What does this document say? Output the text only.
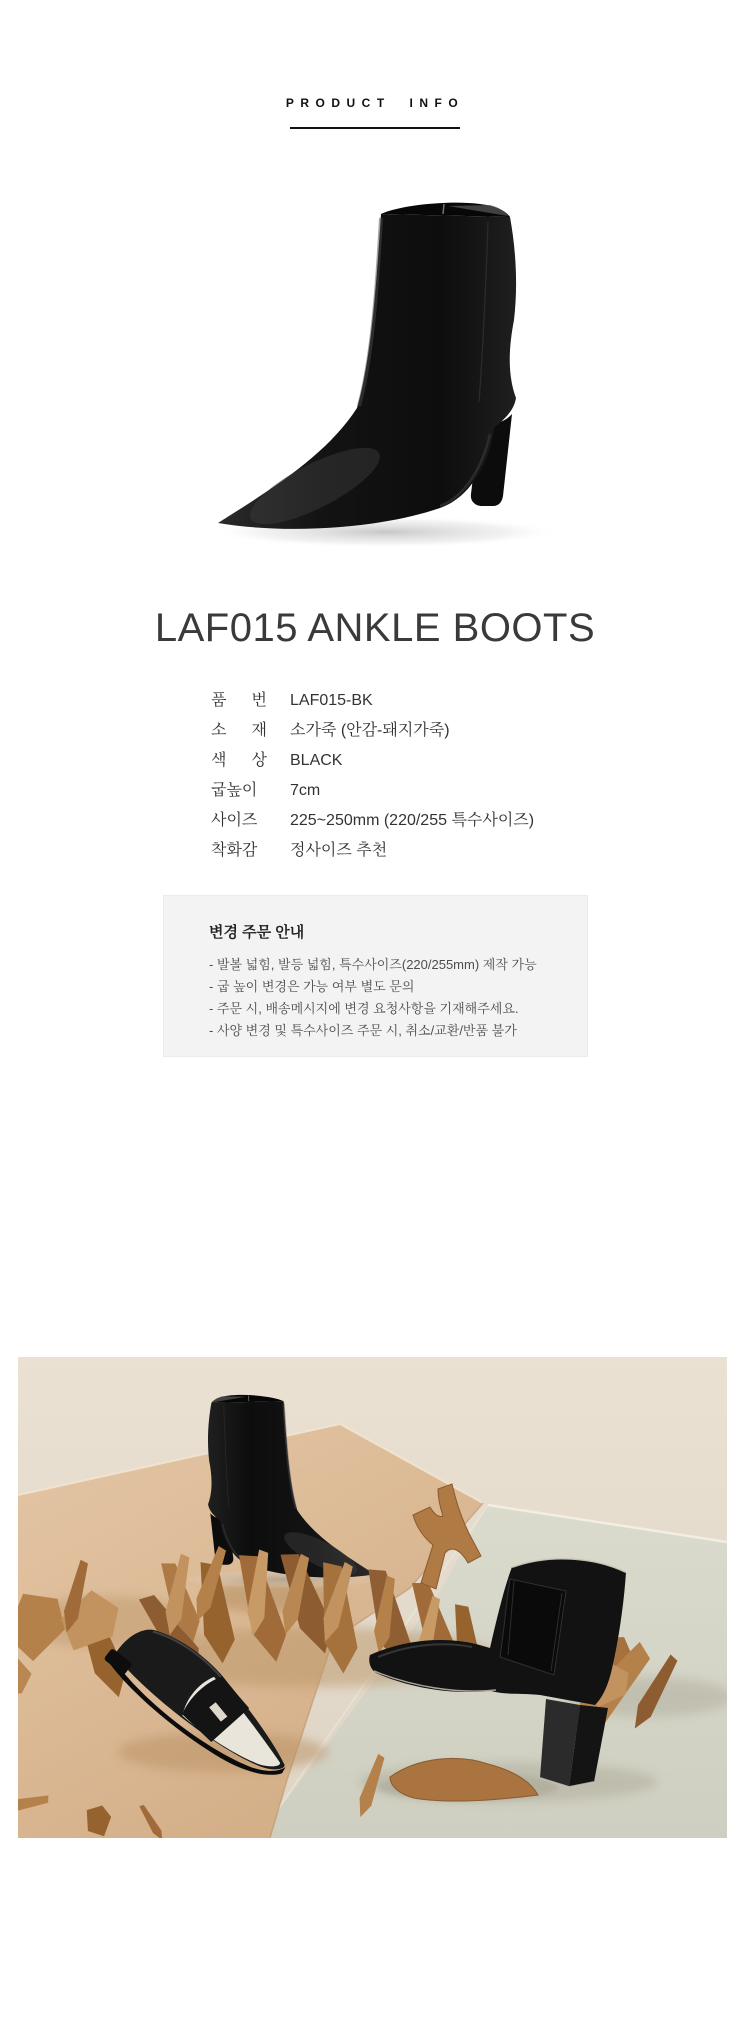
PRODUCT INFO
LAF015 ANKLE BOOTS
품 번 LAF015-BK
소 재 소가죽 (안감-돼지가죽)
색 상 BLACK
굽높이	7cm
사이즈	225~250mm (220/255 특수사이즈)
착화감	정사이즈 추천
변경 주문 안내
- 발볼 넓힘, 발등 넓힘, 특수사이즈(220/255mm) 제작 가능
- 굽 높이 변경은 가능 여부 별도 문의
- 주문 시, 배송메시지에 변경 요청사항을 기재해주세요.
- 사양 변경 및 특수사이즈 주문 시, 취소/교환/반품 불가
